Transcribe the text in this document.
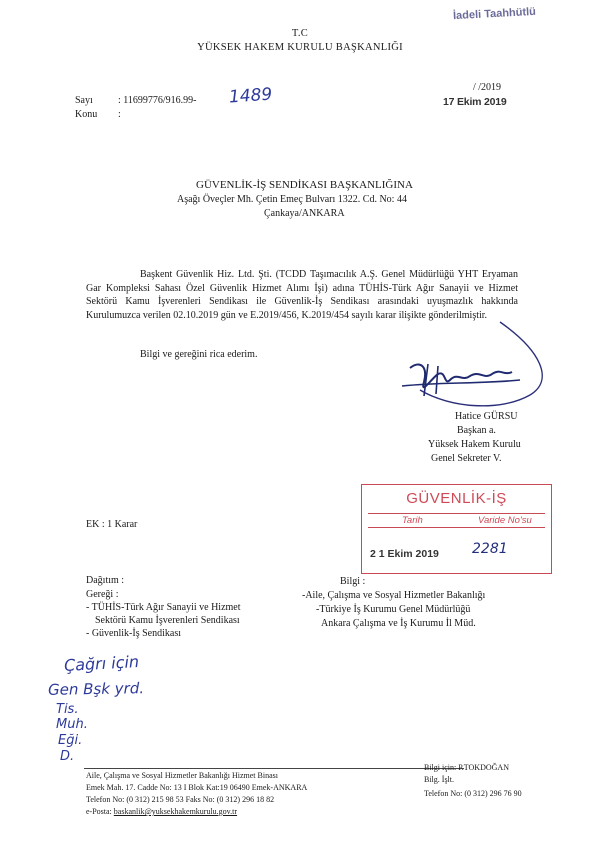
T.C
YÜKSEK HAKEM KURULU BAŞKANLIĞI
İadeli Taahhütlü
Sayı	: 11699776/916.99- 1489
Konu :
/ /2019
17 Ekim 2019
GÜVENLİK-İŞ SENDİKASI BAŞKANLIĞINA
Aşağı Öveçler Mh. Çetin Emeç Bulvarı 1322. Cd. No: 44
Çankaya/ANKARA
Başkent Güvenlik Hiz. Ltd. Şti. (TCDD Taşımacılık A.Ş. Genel Müdürlüğü YHT Eryaman Gar Kompleksi Sahası Özel Güvenlik Hizmet Alımı İşi) adına TÜHİS-Türk Ağır Sanayii ve Hizmet Sektörü Kamu İşverenleri Sendikası ile Güvenlik-İş Sendikası arasındaki uyuşmazlık hakkında Kurulumuzca verilen 02.10.2019 gün ve E.2019/456, K.2019/454 sayılı karar ilişikte gönderilmiştir.
Bilgi ve gereğini rica ederim.
Hatice GÜRSU
Başkan a.
Yüksek Hakem Kurulu
Genel Sekreter V.
GÜVENLİK-İŞ
Tarih	Varide No'su
2 1 Ekim 2019 2281
EK : 1 Karar
Dağıtım :
Gereği :
- TÜHİS-Türk Ağır Sanayii ve Hizmet
Sektörü Kamu İşverenleri Sendikası
- Güvenlik-İş Sendikası
Bilgi :
-Aile, Çalışma ve Sosyal Hizmetler Bakanlığı
-Türkiye İş Kurumu Genel Müdürlüğü
Ankara Çalışma ve İş Kurumu İl Müd.
Çağrı için
Gen Bşk yrd.
Tis.
Muh.
Eği.
D.
Aile, Çalışma ve Sosyal Hizmetler Bakanlığı Hizmet Binası
Emek Mah. 17. Cadde No: 13 I Blok Kat:19 06490 Emek-ANKARA
Telefon No: (0 312) 215 98 53 Faks No: (0 312) 296 18 82
e-Posta: baskanlik@yuksekhakemkurulu.gov.tr
Bilgi için: P.TOKDOĞAN
Bilg. İşlt.
Telefon No: (0 312) 296 76 90
